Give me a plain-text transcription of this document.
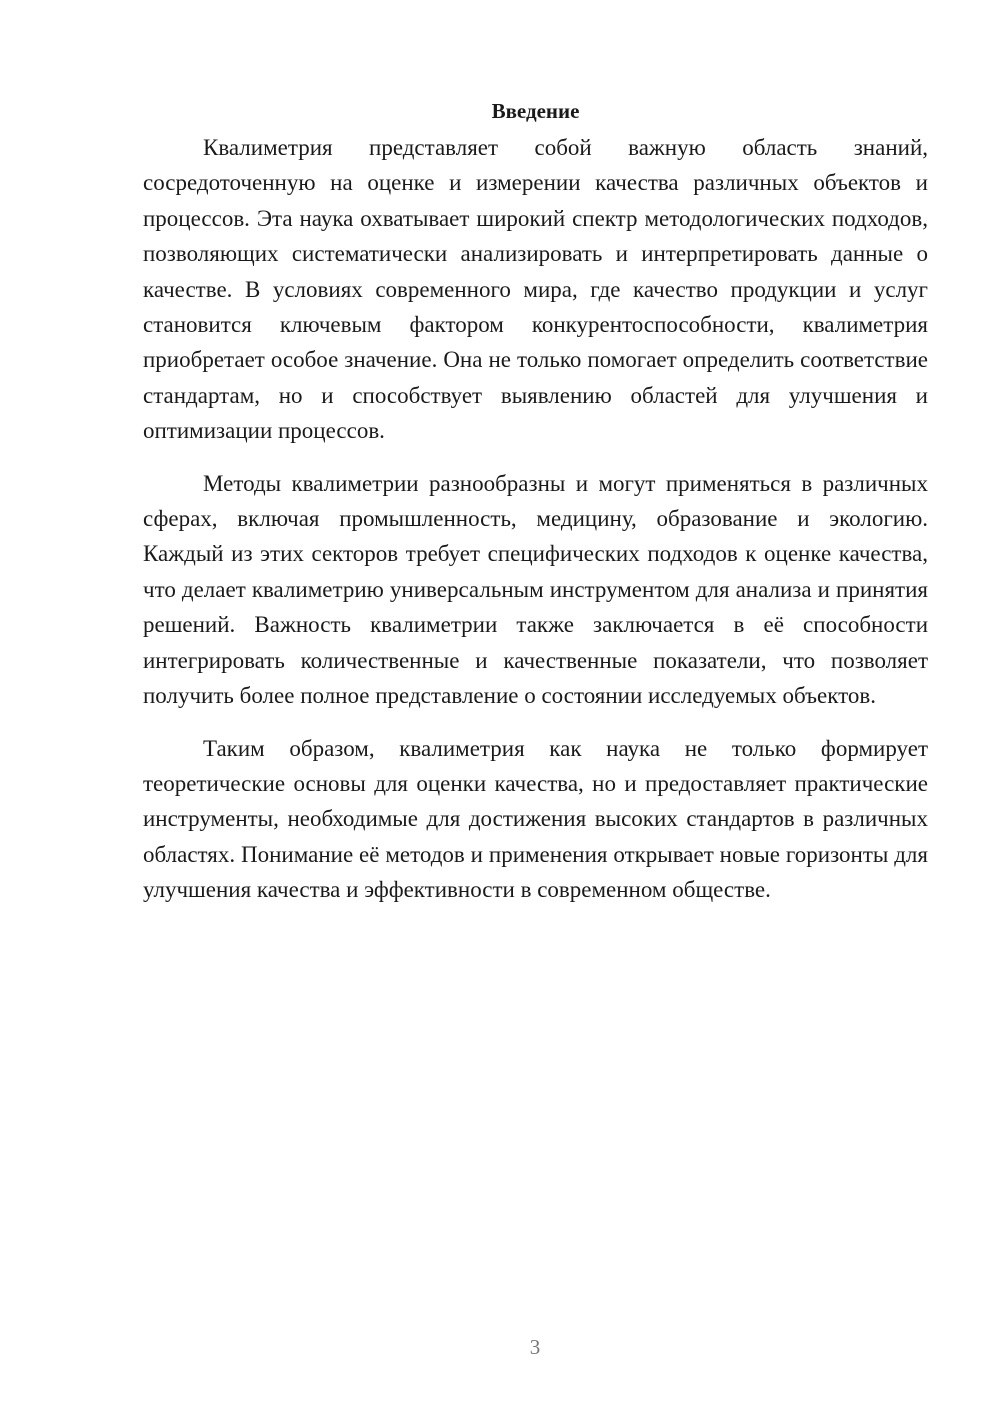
Введение

Квалиметрия представляет собой важную область знаний, сосредоточенную на оценке и измерении качества различных объектов и процессов. Эта наука охватывает широкий спектр методологических подходов, позволяющих систематически анализировать и интерпретировать данные о качестве. В условиях современного мира, где качество продукции и услуг становится ключевым фактором конкурентоспособности, квалиметрия приобретает особое значение. Она не только помогает определить соответствие стандартам, но и способствует выявлению областей для улучшения и оптимизации процессов.

Методы квалиметрии разнообразны и могут применяться в различных сферах, включая промышленность, медицину, образование и экологию. Каждый из этих секторов требует специфических подходов к оценке качества, что делает квалиметрию универсальным инструментом для анализа и принятия решений. Важность квалиметрии также заключается в её способности интегрировать количественные и качественные показатели, что позволяет получить более полное представление о состоянии исследуемых объектов.

Таким образом, квалиметрия как наука не только формирует теоретические основы для оценки качества, но и предоставляет практические инструменты, необходимые для достижения высоких стандартов в различных областях. Понимание её методов и применения открывает новые горизонты для улучшения качества и эффективности в современном обществе.

3
